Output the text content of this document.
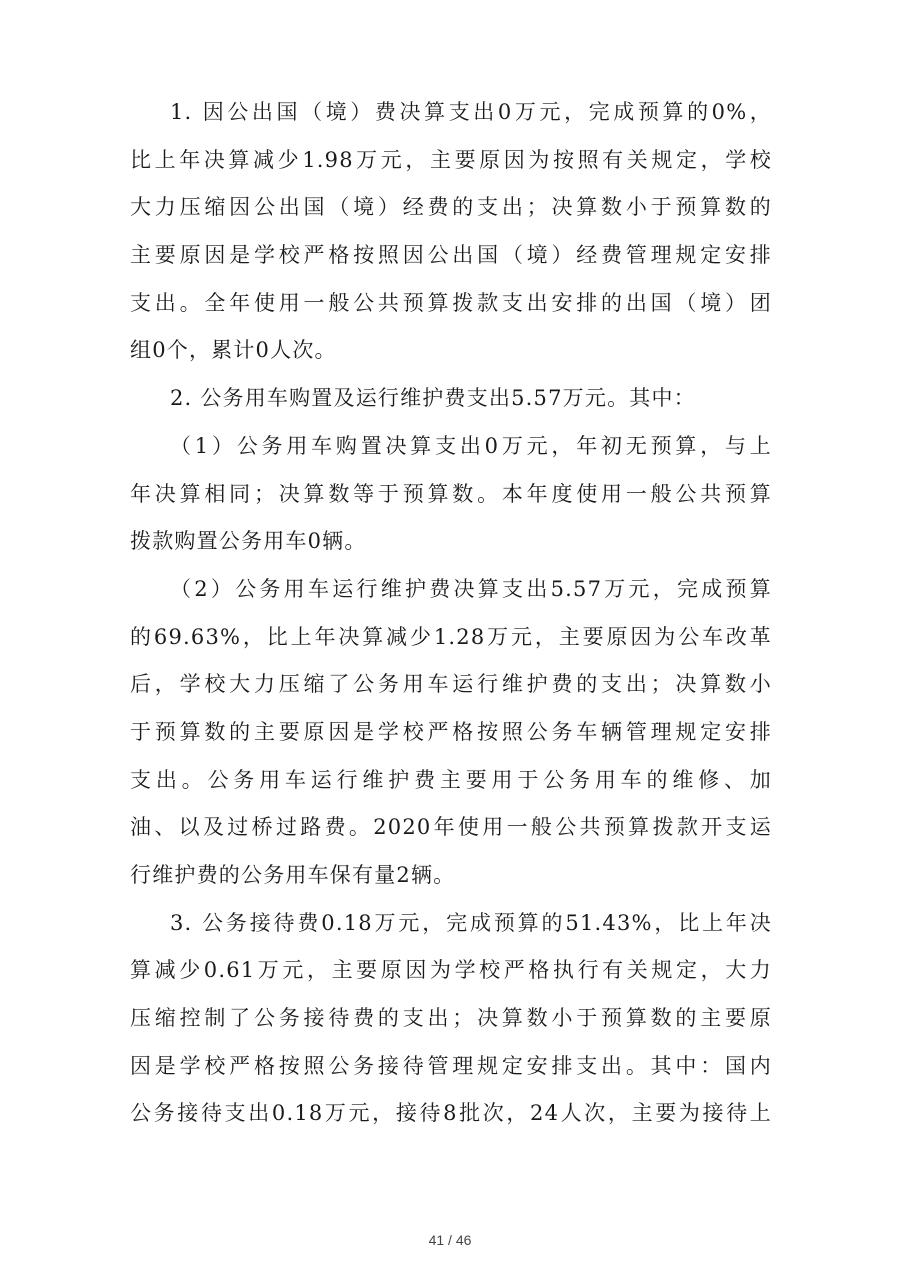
1. 因公出国（境）费决算支出0万元，完成预算的0%，
比上年决算减少1.98万元，主要原因为按照有关规定，学校
大力压缩因公出国（境）经费的支出；决算数小于预算数的
主要原因是学校严格按照因公出国（境）经费管理规定安排
支出。全年使用一般公共预算拨款支出安排的出国（境）团
组0个，累计0人次。
2. 公务用车购置及运行维护费支出5.57万元。其中：
（1）公务用车购置决算支出0万元，年初无预算，与上
年决算相同；决算数等于预算数。本年度使用一般公共预算
拨款购置公务用车0辆。
（2）公务用车运行维护费决算支出5.57万元，完成预算
的69.63%，比上年决算减少1.28万元，主要原因为公车改革
后，学校大力压缩了公务用车运行维护费的支出；决算数小
于预算数的主要原因是学校严格按照公务车辆管理规定安排
支出。公务用车运行维护费主要用于公务用车的维修、加
油、以及过桥过路费。2020年使用一般公共预算拨款开支运
行维护费的公务用车保有量2辆。
3. 公务接待费0.18万元，完成预算的51.43%，比上年决
算减少0.61万元，主要原因为学校严格执行有关规定，大力
压缩控制了公务接待费的支出；决算数小于预算数的主要原
因是学校严格按照公务接待管理规定安排支出。其中：国内
公务接待支出0.18万元，接待8批次，24人次，主要为接待上
41 / 46
